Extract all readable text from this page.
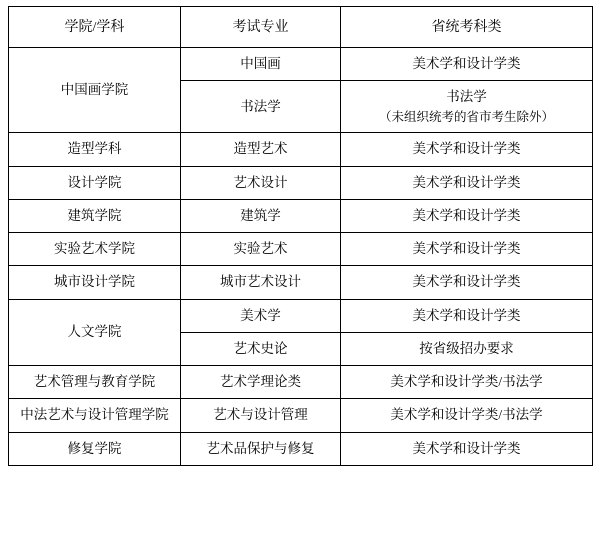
学院/学科	考试专业	省统考科类
中国画学院	中国画	美术学和设计学类
	书法学	书法学
（未组织统考的省市考生除外）

造型学科	造型艺术	美术学和设计学类
设计学院	艺术设计	美术学和设计学类
建筑学院	建筑学	美术学和设计学类
实验艺术学院	实验艺术	美术学和设计学类
城市设计学院	城市艺术设计	美术学和设计学类
人文学院	美术学	美术学和设计学类
	艺术史论	按省级招办要求
艺术管理与教育学院	艺术学理论类	美术学和设计学类/书法学
中法艺术与设计管理学院	艺术与设计管理	美术学和设计学类/书法学
修复学院	艺术品保护与修复	美术学和设计学类
